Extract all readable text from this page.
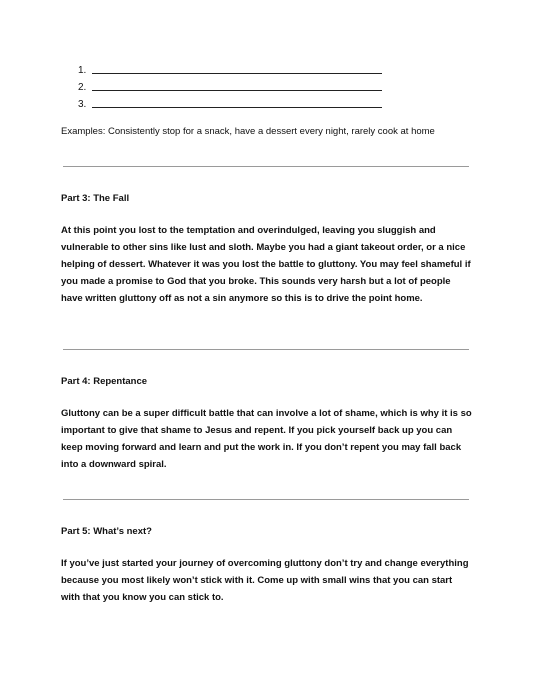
1.
2.
3.
Examples: Consistently stop for a snack, have a dessert every night, rarely cook at home
Part 3: The Fall
At this point you lost to the temptation and overindulged, leaving you sluggish and vulnerable to other sins like lust and sloth. Maybe you had a giant takeout order, or a nice helping of dessert. Whatever it was you lost the battle to gluttony. You may feel shameful if you made a promise to God that you broke. This sounds very harsh but a lot of people have written gluttony off as not a sin anymore so this is to drive the point home.
Part 4: Repentance
Gluttony can be a super difficult battle that can involve a lot of shame, which is why it is so important to give that shame to Jesus and repent. If you pick yourself back up you can keep moving forward and learn and put the work in. If you don’t repent you may fall back into a downward spiral.
Part 5: What’s next?
If you’ve just started your journey of overcoming gluttony don’t try and change everything because you most likely won’t stick with it. Come up with small wins that you can start with that you know you can stick to.
